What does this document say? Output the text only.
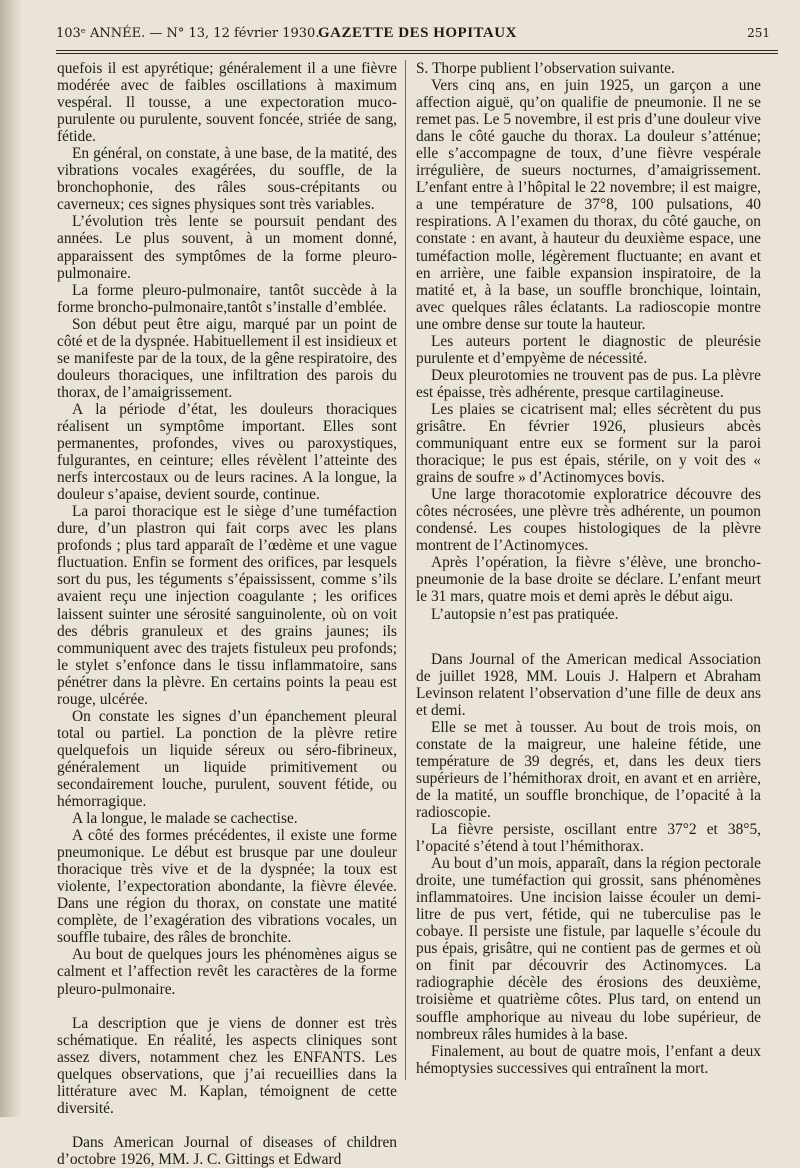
103ᵉ ANNÉE. — N° 13, 12 février 1930.
GAZETTE DES HOPITAUX	251

quefois il est apyrétique; généralement il a une fièvre modérée avec de faibles oscillations à maximum vespéral. Il tousse, a une expectoration muco-purulente ou purulente, souvent foncée, striée de sang, fétide.

En général, on constate, à une base, de la matité, des vibrations vocales exagérées, du souffle, de la bronchophonie, des râles sous-crépitants ou caverneux; ces signes physiques sont très variables.

L’évolution très lente se poursuit pendant des années. Le plus souvent, à un moment donné, apparaissent des symptômes de la forme pleuro-pulmonaire.

La forme pleuro-pulmonaire, tantôt succède à la forme broncho-pulmonaire,tantôt s’installe d’emblée.

Son début peut être aigu, marqué par un point de côté et de la dyspnée. Habituellement il est insidieux et se manifeste par de la toux, de la gêne respiratoire, des douleurs thoraciques, une infiltration des parois du thorax, de l’amaigrissement.

A la période d’état, les douleurs thoraciques réalisent un symptôme important. Elles sont permanentes, profondes, vives ou paroxystiques, fulgurantes, en ceinture; elles révèlent l’atteinte des nerfs intercostaux ou de leurs racines. A la longue, la douleur s’apaise, devient sourde, continue.

La paroi thoracique est le siège d’une tuméfaction dure, d’un plastron qui fait corps avec les plans profonds ; plus tard apparaît de l’œdème et une vague fluctuation. Enfin se forment des orifices, par lesquels sort du pus, les téguments s’épaississent, comme s’ils avaient reçu une injection coagulante ; les orifices laissent suinter une sérosité sanguinolente, où on voit des débris granuleux et des grains jaunes; ils communiquent avec des trajets fistuleux peu profonds; le stylet s’enfonce dans le tissu inflammatoire, sans pénétrer dans la plèvre. En certains points la peau est rouge, ulcérée.

On constate les signes d’un épanchement pleural total ou partiel. La ponction de la plèvre retire quelquefois un liquide séreux ou séro-fibrineux, généralement un liquide primitivement ou secondairement louche, purulent, souvent fétide, ou hémorragique.

A la longue, le malade se cachectise.

A côté des formes précédentes, il existe une forme pneumonique. Le début est brusque par une douleur thoracique très vive et de la dyspnée; la toux est violente, l’expectoration abondante, la fièvre élevée. Dans une région du thorax, on constate une matité complète, de l’exagération des vibrations vocales, un souffle tubaire, des râles de bronchite.

Au bout de quelques jours les phénomènes aigus se calment et l’affection revêt les caractères de la forme pleuro-pulmonaire.

La description que je viens de donner est très schématique. En réalité, les aspects cliniques sont assez divers, notamment chez les ENFANTS. Les quelques observations, que j’ai recueillies dans la littérature avec M. Kaplan, témoignent de cette diversité.

Dans American Journal of diseases of children d’octobre 1926, MM. J. C. Gittings et Edward

S. Thorpe publient l’observation suivante.

Vers cinq ans, en juin 1925, un garçon a une affection aiguë, qu’on qualifie de pneumonie. Il ne se remet pas. Le 5 novembre, il est pris d’une douleur vive dans le côté gauche du thorax. La douleur s’atténue; elle s’accompagne de toux, d’une fièvre vespérale irrégulière, de sueurs nocturnes, d’amaigrissement. L’enfant entre à l’hôpital le 22 novembre; il est maigre, a une température de 37°8, 100 pulsations, 40 respirations. A l’examen du thorax, du côté gauche, on constate : en avant, à hauteur du deuxième espace, une tuméfaction molle, légèrement fluctuante; en avant et en arrière, une faible expansion inspiratoire, de la matité et, à la base, un souffle bronchique, lointain, avec quelques râles éclatants. La radioscopie montre une ombre dense sur toute la hauteur.

Les auteurs portent le diagnostic de pleurésie purulente et d’empyème de nécessité.

Deux pleurotomies ne trouvent pas de pus. La plèvre est épaisse, très adhérente, presque cartilagineuse.

Les plaies se cicatrisent mal; elles sécrètent du pus grisâtre. En février 1926, plusieurs abcès communiquant entre eux se forment sur la paroi thoracique; le pus est épais, stérile, on y voit des « grains de soufre » d’Actinomyces bovis.

Une large thoracotomie exploratrice découvre des côtes nécrosées, une plèvre très adhérente, un poumon condensé. Les coupes histologiques de la plèvre montrent de l’Actinomyces.

Après l’opération, la fièvre s’élève, une broncho-pneumonie de la base droite se déclare. L’enfant meurt le 31 mars, quatre mois et demi après le début aigu.

L’autopsie n’est pas pratiquée.

Dans Journal of the American medical Association de juillet 1928, MM. Louis J. Halpern et Abraham Levinson relatent l’observation d’une fille de deux ans et demi.

Elle se met à tousser. Au bout de trois mois, on constate de la maigreur, une haleine fétide, une température de 39 degrés, et, dans les deux tiers supérieurs de l’hémithorax droit, en avant et en arrière, de la matité, un souffle bronchique, de l’opacité à la radioscopie.

La fièvre persiste, oscillant entre 37°2 et 38°5, l’opacité s’étend à tout l’hémithorax.

Au bout d’un mois, apparaît, dans la région pectorale droite, une tuméfaction qui grossit, sans phénomènes inflammatoires. Une incision laisse écouler un demi-litre de pus vert, fétide, qui ne tuberculise pas le cobaye. Il persiste une fistule, par laquelle s’écoule du pus épais, grisâtre, qui ne contient pas de germes et où on finit par découvrir des Actinomyces. La radiographie décèle des érosions des deuxième, troisième et quatrième côtes. Plus tard, on entend un souffle amphorique au niveau du lobe supérieur, de nombreux râles humides à la base.

Finalement, au bout de quatre mois, l’enfant a deux hémoptysies successives qui entraînent la mort.
